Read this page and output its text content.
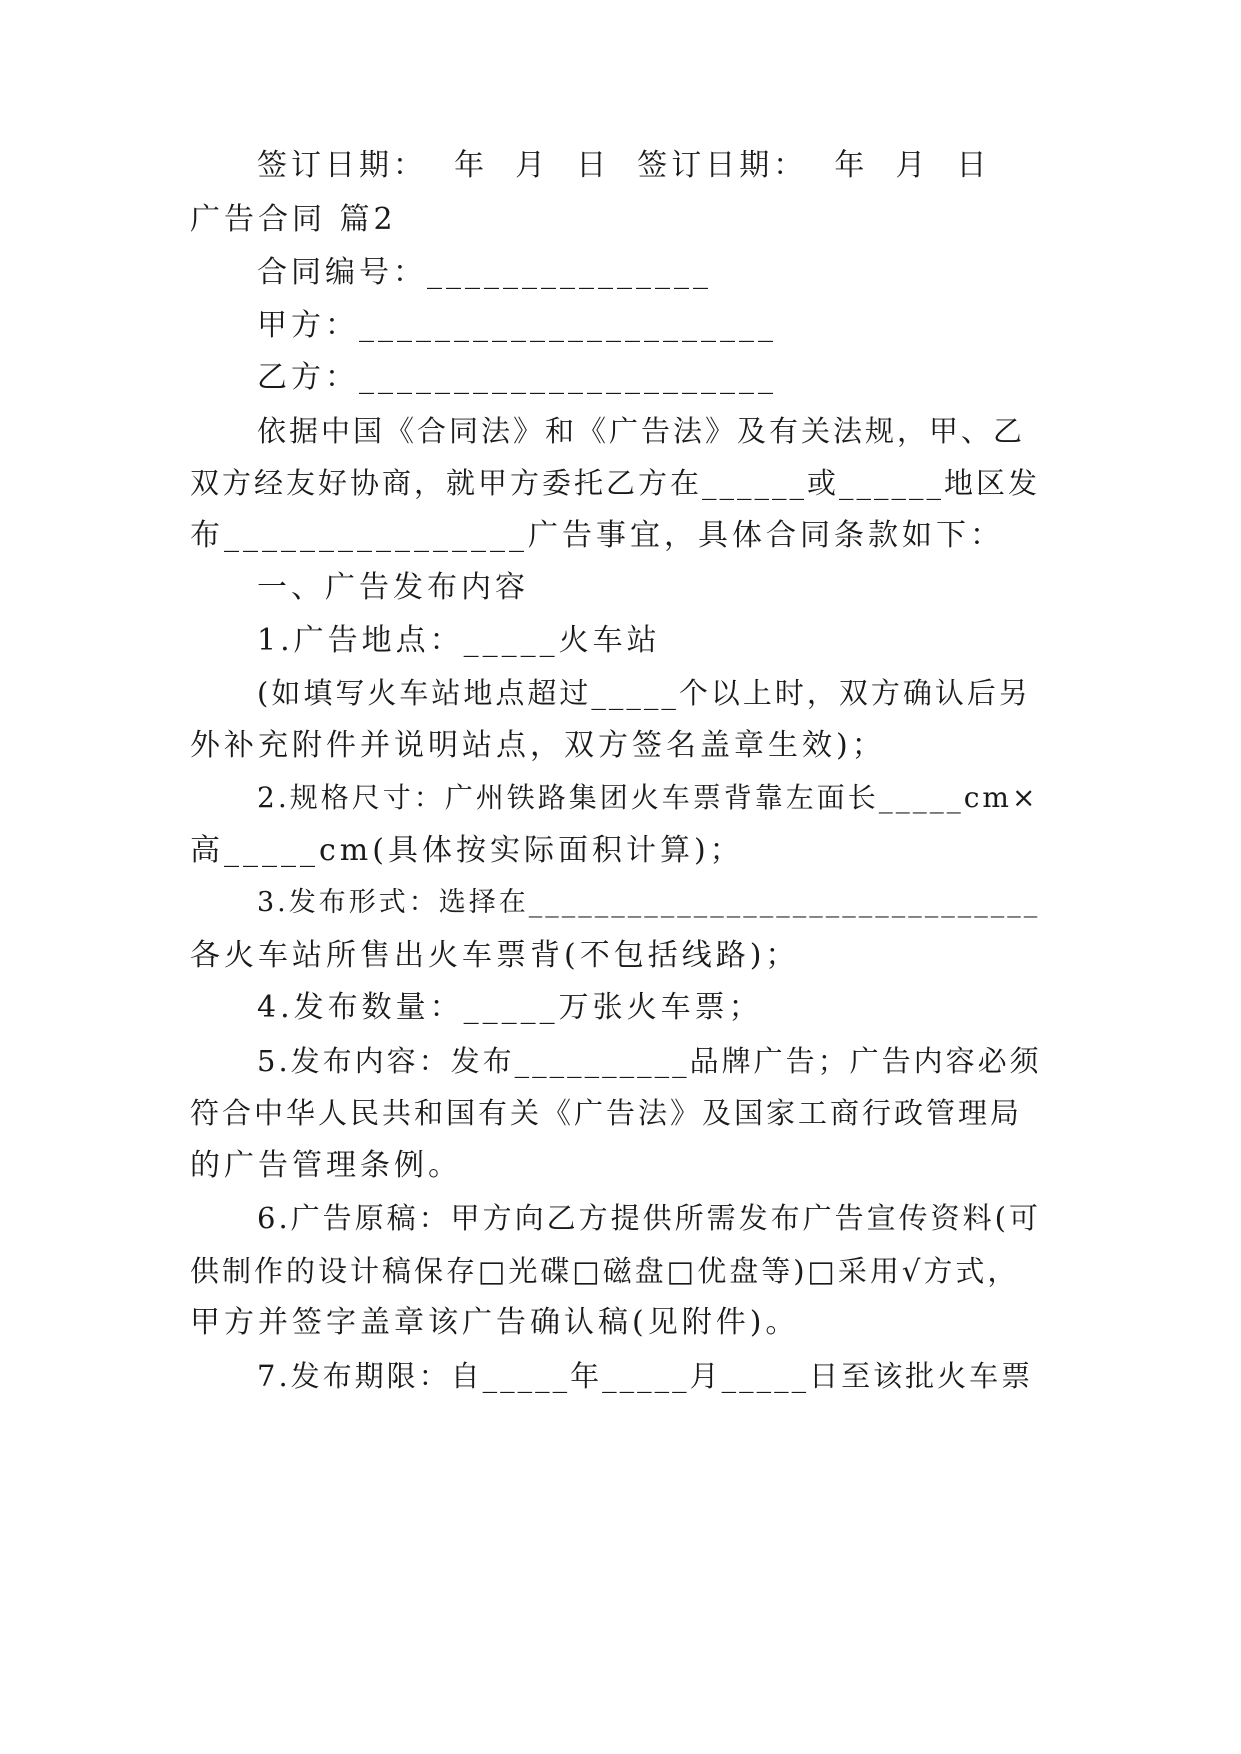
签订日期：  年  月  日  签订日期：  年  月  日
广告合同 篇2
合同编号：_______________
甲方：______________________
乙方：______________________
依据中国《合同法》和《广告法》及有关法规，甲、乙
双方经友好协商，就甲方委托乙方在______或______地区发
布________________广告事宜，具体合同条款如下：
一、广告发布内容
1.广告地点：_____火车站
(如填写火车站地点超过_____个以上时，双方确认后另
外补充附件并说明站点，双方签名盖章生效)；
2.规格尺寸：广州铁路集团火车票背靠左面长_____cm×
高_____cm(具体按实际面积计算)；
3.发布形式：选择在_______________________________
各火车站所售出火车票背(不包括线路)；
4.发布数量：_____万张火车票；
5.发布内容：发布__________品牌广告；广告内容必须
符合中华人民共和国有关《广告法》及国家工商行政管理局
的广告管理条例。
6.广告原稿：甲方向乙方提供所需发布广告宣传资料(可
供制作的设计稿保存□光碟□磁盘□优盘等)□采用√方式，
甲方并签字盖章该广告确认稿(见附件)。
7.发布期限：自_____年_____月_____日至该批火车票
